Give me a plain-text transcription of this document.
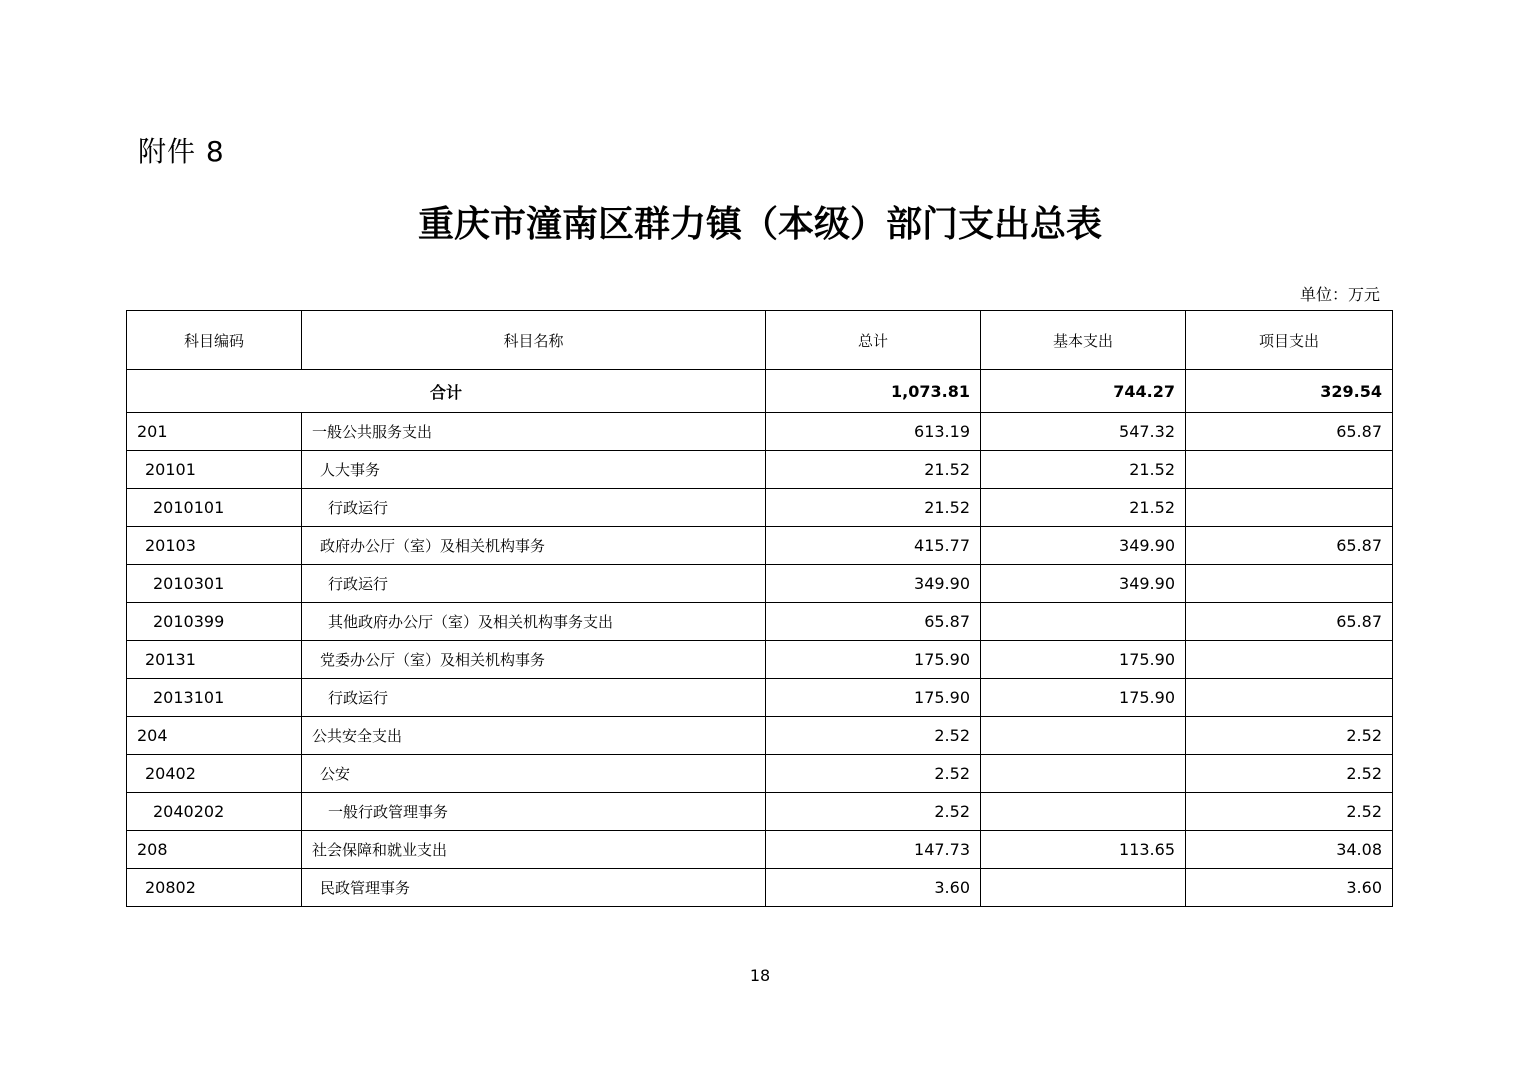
附件 8
重庆市潼南区群力镇（本级）部门支出总表
单位：万元
科目编码	科目名称	总计	基本支出	项目支出
合计		1,073.81	744.27	329.54
201	一般公共服务支出	613.19	547.32	65.87
20101	人大事务	21.52	21.52	
2010101	行政运行	21.52	21.52	
20103	政府办公厅（室）及相关机构事务	415.77	349.90	65.87
2010301	行政运行	349.90	349.90	
2010399	其他政府办公厅（室）及相关机构事务支出	65.87		65.87
20131	党委办公厅（室）及相关机构事务	175.90	175.90	
2013101	行政运行	175.90	175.90	
204	公共安全支出	2.52		2.52
20402	公安	2.52		2.52
2040202	一般行政管理事务	2.52		2.52
208	社会保障和就业支出	147.73	113.65	34.08
20802	民政管理事务	3.60		3.60
18
